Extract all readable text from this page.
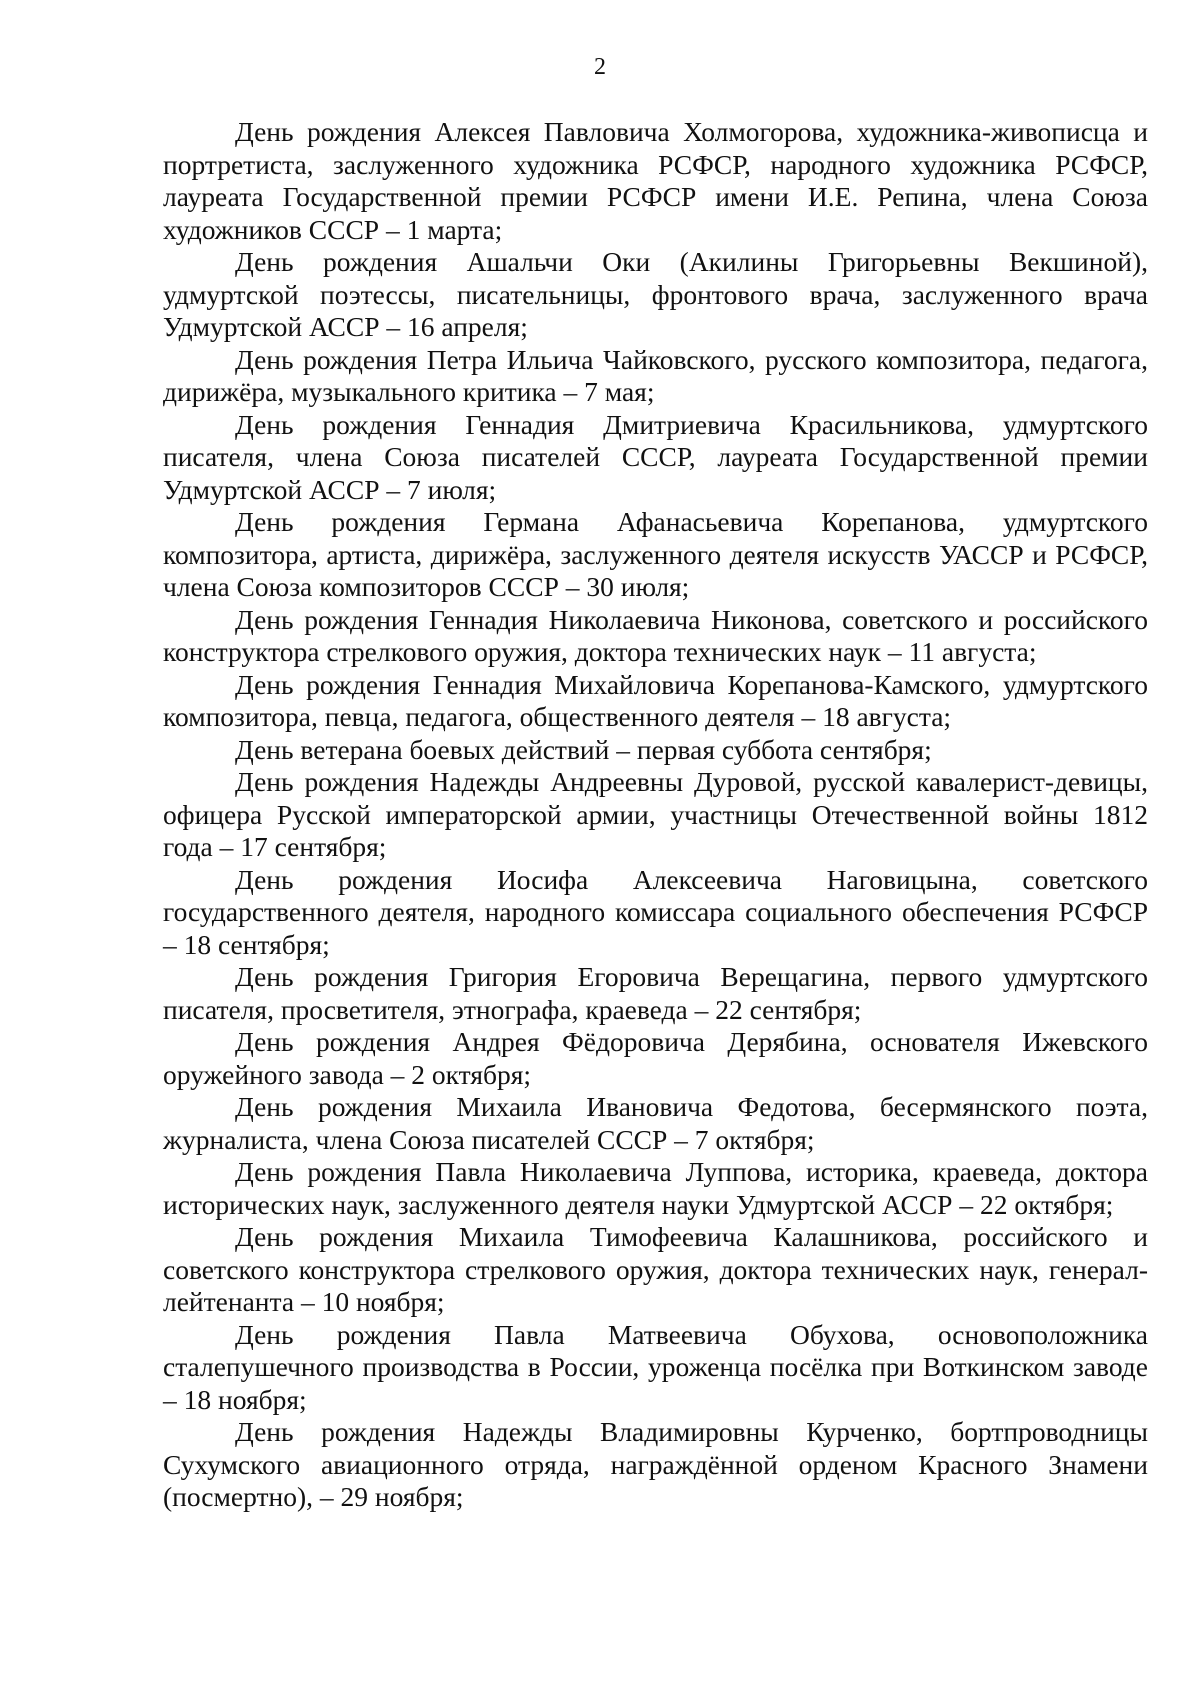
2

День рождения Алексея Павловича Холмогорова, художника-живописца и портретиста, заслуженного художника РСФСР, народного художника РСФСР, лауреата Государственной премии РСФСР имени И.Е. Репина, члена Союза художников СССР – 1 марта;

День рождения Ашальчи Оки (Акилины Григорьевны Векшиной), удмуртской поэтессы, писательницы, фронтового врача, заслуженного врача Удмуртской АССР – 16 апреля;

День рождения Петра Ильича Чайковского, русского композитора, педагога, дирижёра, музыкального критика – 7 мая;

День рождения Геннадия Дмитриевича Красильникова, удмуртского писателя, члена Союза писателей СССР, лауреата Государственной премии Удмуртской АССР – 7 июля;

День рождения Германа Афанасьевича Корепанова, удмуртского композитора, артиста, дирижёра, заслуженного деятеля искусств УАССР и РСФСР, члена Союза композиторов СССР – 30 июля;

День рождения Геннадия Николаевича Никонова, советского и российского конструктора стрелкового оружия, доктора технических наук – 11 августа;

День рождения Геннадия Михайловича Корепанова-Камского, удмуртского композитора, певца, педагога, общественного деятеля – 18 августа;

День ветерана боевых действий – первая суббота сентября;

День рождения Надежды Андреевны Дуровой, русской кавалерист-девицы, офицера Русской императорской армии, участницы Отечественной войны 1812 года – 17 сентября;

День рождения Иосифа Алексеевича Наговицына, советского государственного деятеля, народного комиссара социального обеспечения РСФСР – 18 сентября;

День рождения Григория Егоровича Верещагина, первого удмуртского писателя, просветителя, этнографа, краеведа – 22 сентября;

День рождения Андрея Фёдоровича Дерябина, основателя Ижевского оружейного завода – 2 октября;

День рождения Михаила Ивановича Федотова, бесермянского поэта, журналиста, члена Союза писателей СССР – 7 октября;

День рождения Павла Николаевича Луппова, историка, краеведа, доктора исторических наук, заслуженного деятеля науки Удмуртской АССР – 22 октября;

День рождения Михаила Тимофеевича Калашникова, российского и советского конструктора стрелкового оружия, доктора технических наук, генерал-лейтенанта – 10 ноября;

День рождения Павла Матвеевича Обухова, основоположника сталепушечного производства в России, уроженца посёлка при Воткинском заводе – 18 ноября;

День рождения Надежды Владимировны Курченко, бортпроводницы Сухумского авиационного отряда, награждённой орденом Красного Знамени (посмертно), – 29 ноября;
